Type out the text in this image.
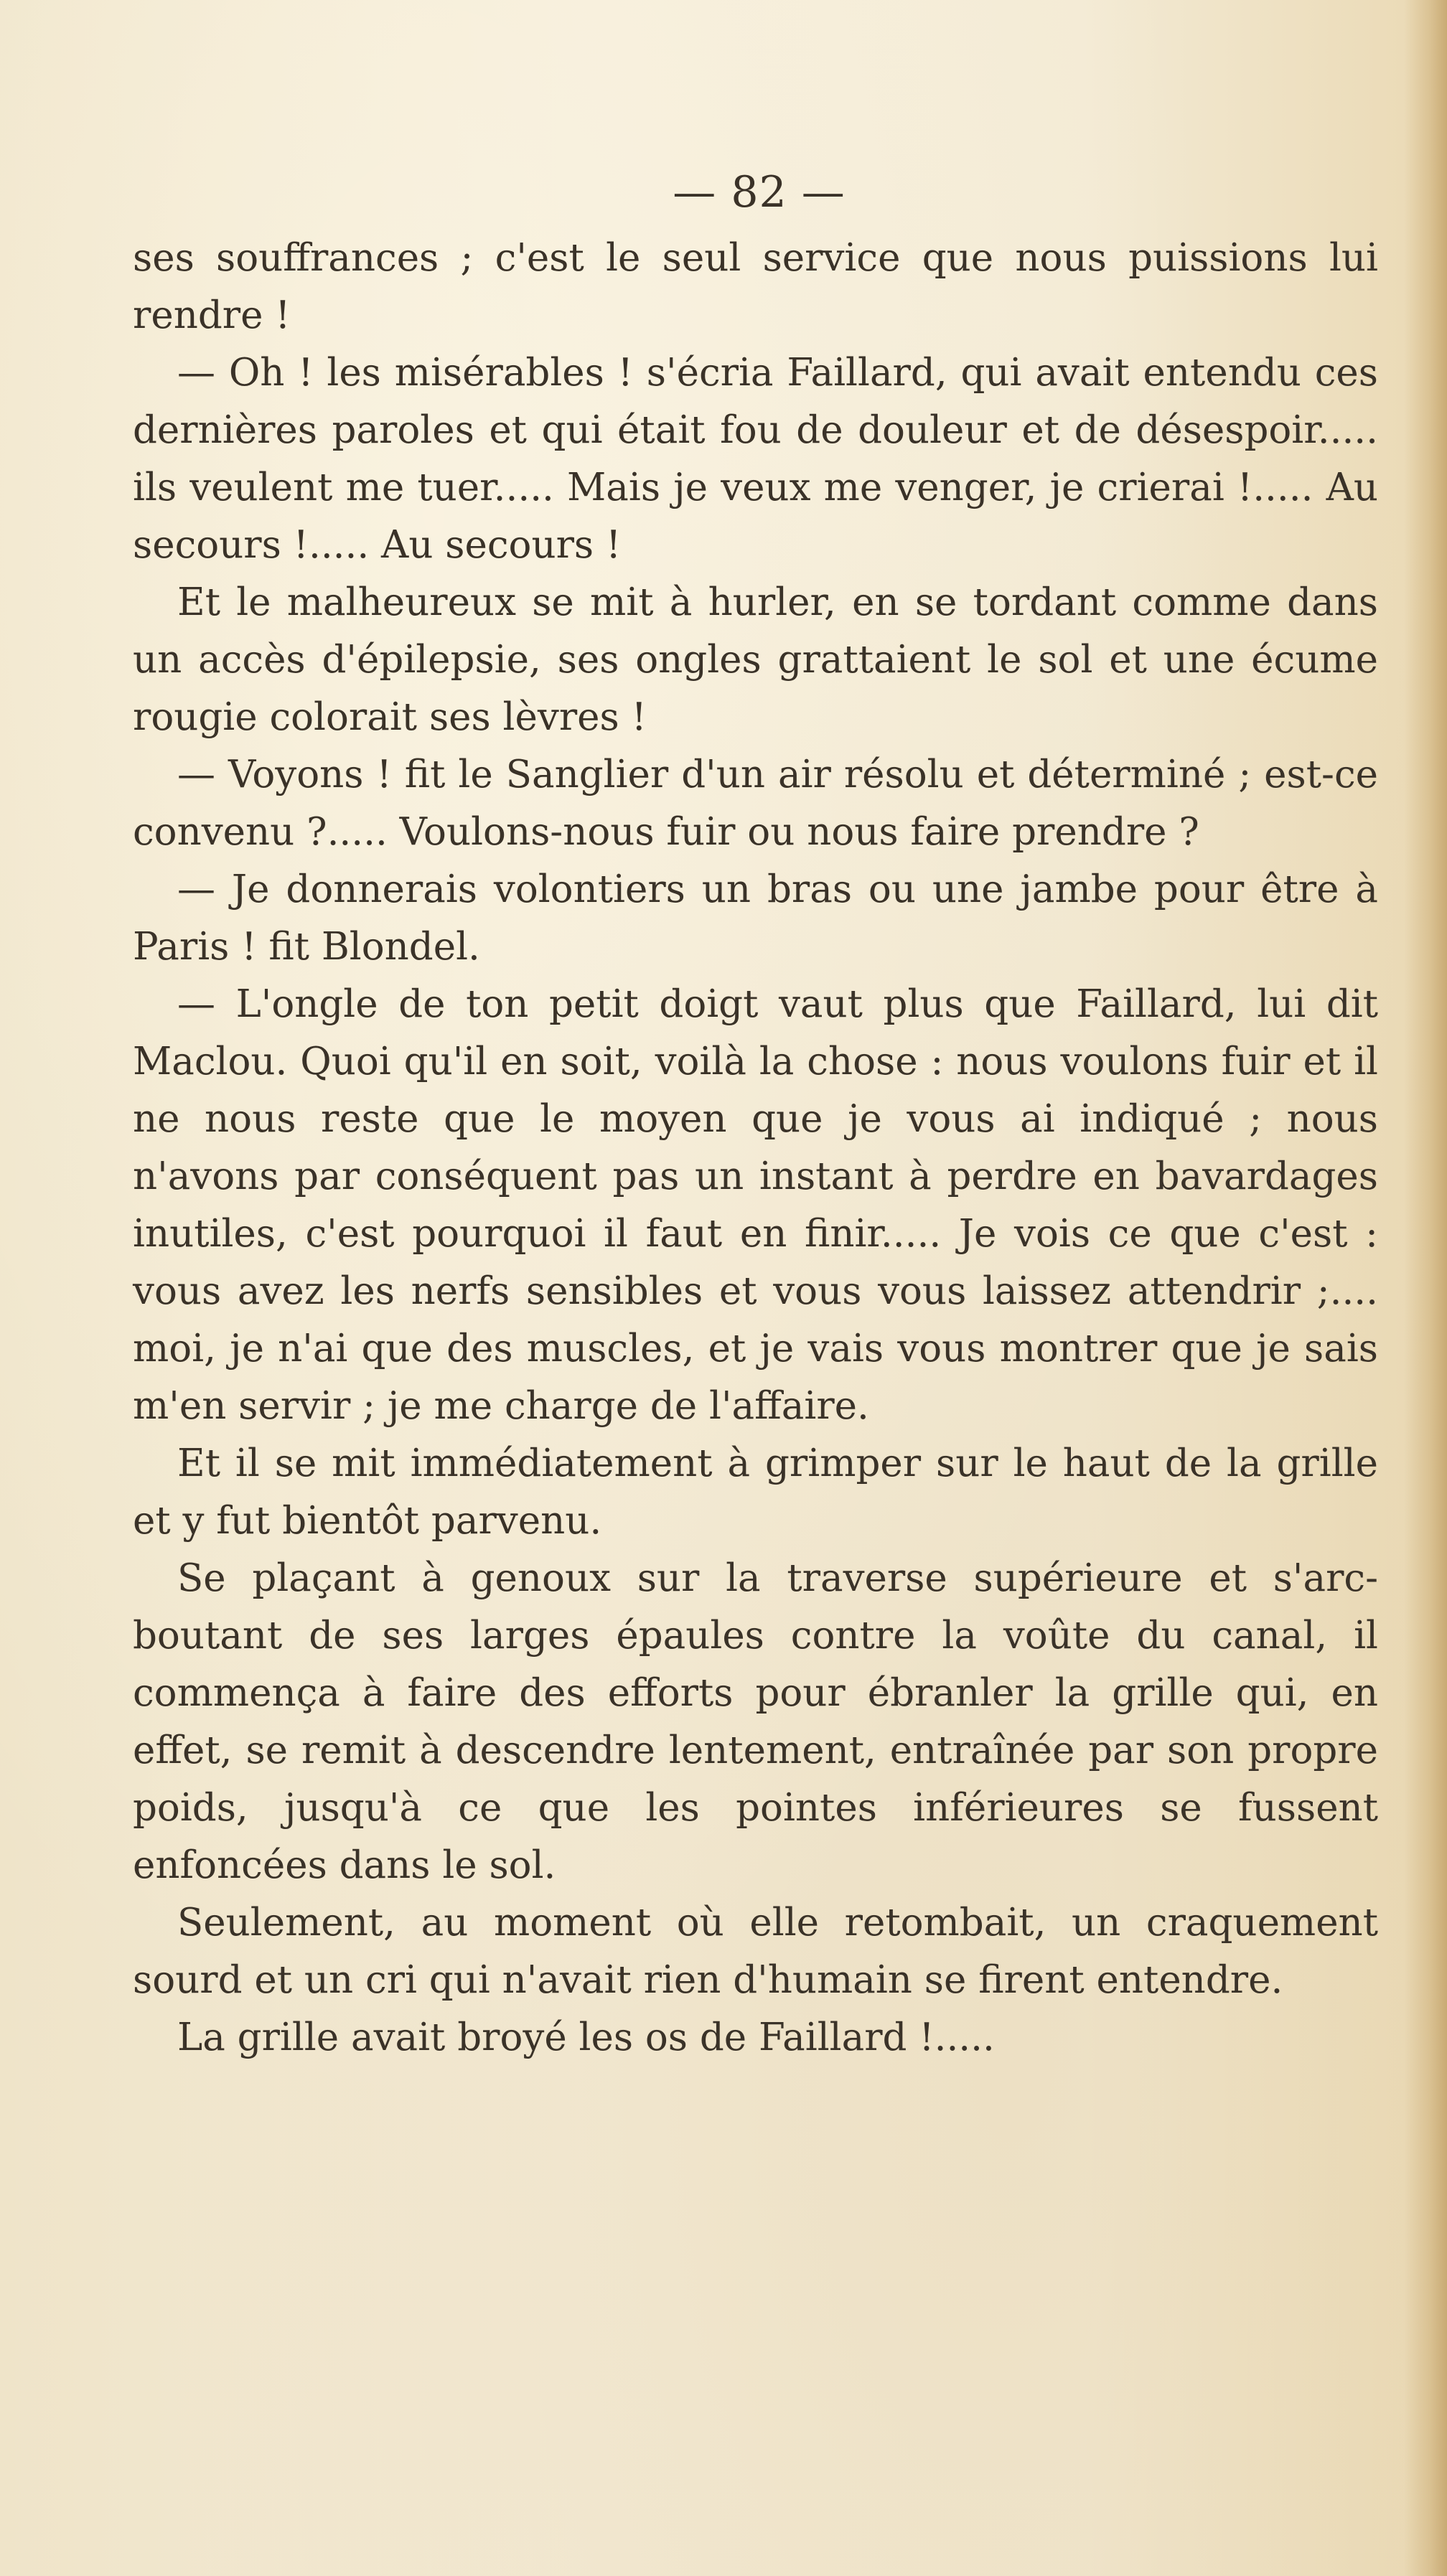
— 82 —

ses souffrances ; c'est le seul service que nous puissions lui rendre !

— Oh ! les misérables ! s'écria Faillard, qui avait entendu ces dernières paroles et qui était fou de douleur et de désespoir..... ils veulent me tuer..... Mais je veux me venger, je crierai !..... Au secours !..... Au secours !

Et le malheureux se mit à hurler, en se tordant comme dans un accès d'épilepsie, ses ongles grattaient le sol et une écume rougie colorait ses lèvres !

— Voyons ! fit le Sanglier d'un air résolu et déterminé ; est-ce convenu ?..... Voulons-nous fuir ou nous faire prendre ?

— Je donnerais volontiers un bras ou une jambe pour être à Paris ! fit Blondel.

— L'ongle de ton petit doigt vaut plus que Faillard, lui dit Maclou. Quoi qu'il en soit, voilà la chose : nous voulons fuir et il ne nous reste que le moyen que je vous ai indiqué ; nous n'avons par conséquent pas un instant à perdre en bavardages inutiles, c'est pourquoi il faut en finir..... Je vois ce que c'est : vous avez les nerfs sensibles et vous vous laissez attendrir ;.... moi, je n'ai que des muscles, et je vais vous montrer que je sais m'en servir ; je me charge de l'affaire.

Et il se mit immédiatement à grimper sur le haut de la grille et y fut bientôt parvenu.

Se plaçant à genoux sur la traverse supérieure et s'arc-boutant de ses larges épaules contre la voûte du canal, il commença à faire des efforts pour ébranler la grille qui, en effet, se remit à descendre lentement, entraînée par son propre poids, jusqu'à ce que les pointes inférieures se fussent enfoncées dans le sol.

Seulement, au moment où elle retombait, un craquement sourd et un cri qui n'avait rien d'humain se firent entendre.

La grille avait broyé les os de Faillard !.....
